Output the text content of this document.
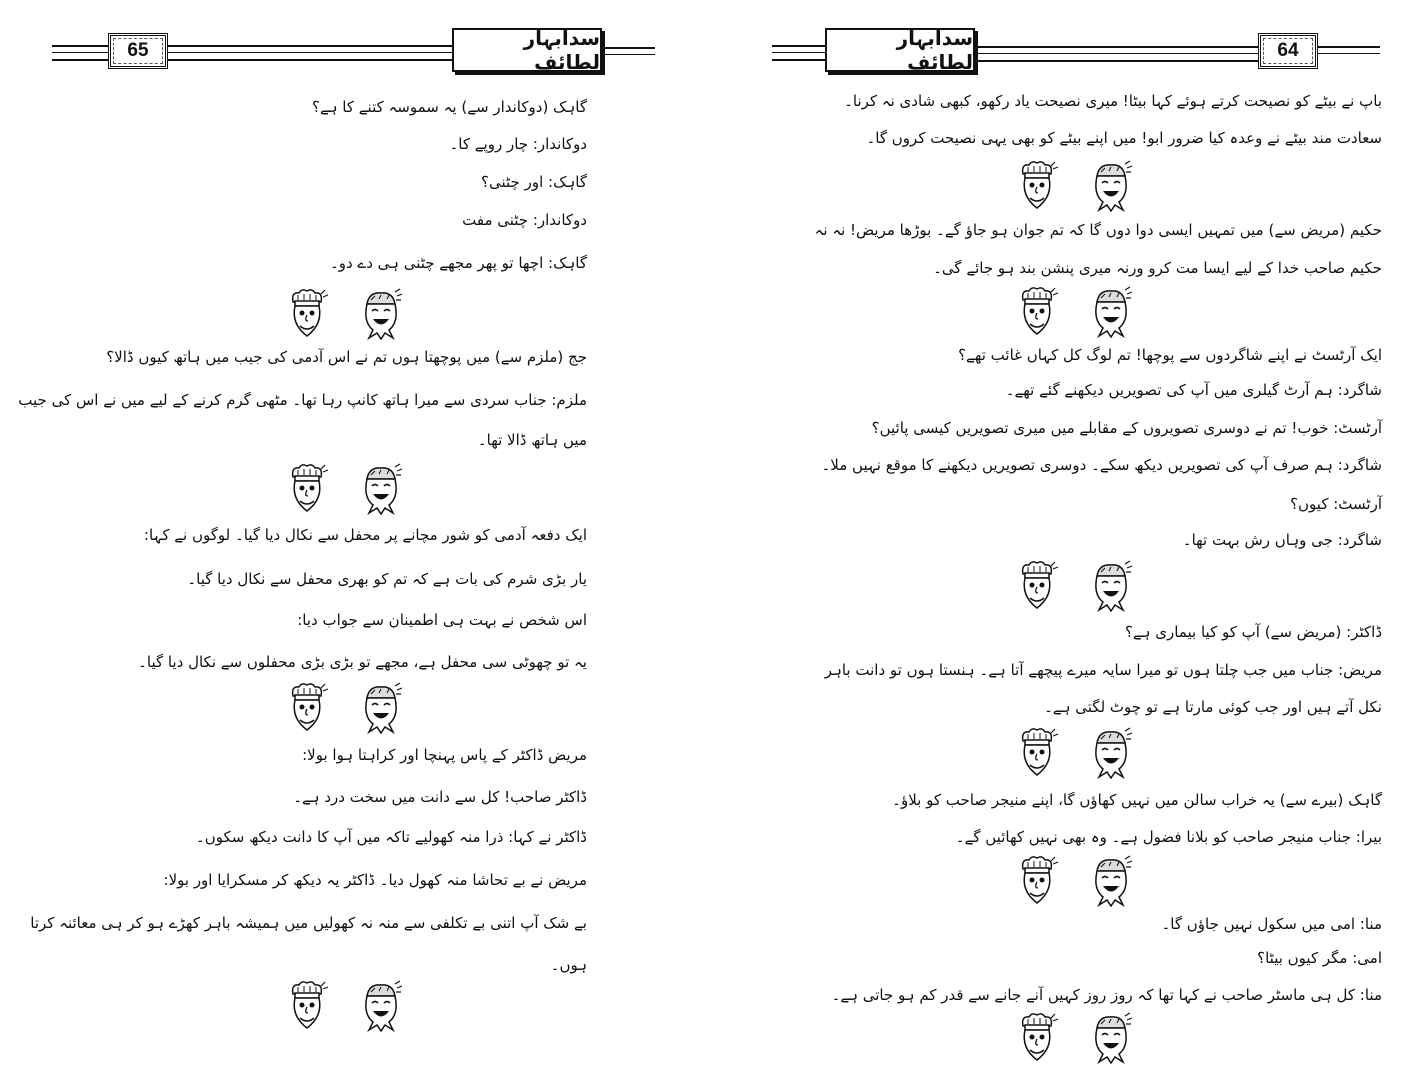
65
سدابہار لطائف
گاہک (دوکاندار سے) یہ سموسہ کتنے کا ہے؟
دوکاندار: چار روپے کا۔
گاہک: اور چٹنی؟
دوکاندار: چٹنی مفت
گاہک: اچھا تو پھر مجھے چٹنی ہی دے دو۔
جج (ملزم سے) میں پوچھتا ہوں تم نے اس آدمی کی جیب میں ہاتھ کیوں ڈالا؟
ملزم: جناب سردی سے میرا ہاتھ کانپ رہا تھا۔ مٹھی گرم کرنے کے لیے میں نے اس کی جیب
میں ہاتھ ڈالا تھا۔
ایک دفعہ آدمی کو شور مچانے پر محفل سے نکال دیا گیا۔ لوگوں نے کہا:
یار بڑی شرم کی بات ہے کہ تم کو بھری محفل سے نکال دیا گیا۔
اس شخص نے بہت ہی اطمینان سے جواب دیا:
یہ تو چھوٹی سی محفل ہے، مجھے تو بڑی بڑی محفلوں سے نکال دیا گیا۔
مریض ڈاکٹر کے پاس پہنچا اور کراہتا ہوا بولا:
ڈاکٹر صاحب! کل سے دانت میں سخت درد ہے۔
ڈاکٹر نے کہا: ذرا منہ کھولیے تاکہ میں آپ کا دانت دیکھ سکوں۔
مریض نے بے تحاشا منہ کھول دیا۔ ڈاکٹر یہ دیکھ کر مسکرایا اور بولا:
بے شک آپ اتنی بے تکلفی سے منہ نہ کھولیں میں ہمیشہ باہر کھڑے ہو کر ہی معائنہ کرتا
ہوں۔
سدابہار لطائف	64
باپ نے بیٹے کو نصیحت کرتے ہوئے کہا بیٹا! میری نصیحت یاد رکھو، کبھی شادی نہ کرنا۔
سعادت مند بیٹے نے وعدہ کیا ضرور ابو! میں اپنے بیٹے کو بھی یہی نصیحت کروں گا۔
حکیم (مریض سے) میں تمہیں ایسی دوا دوں گا کہ تم جوان ہو جاؤ گے۔ بوڑھا مریض! نہ نہ
حکیم صاحب خدا کے لیے ایسا مت کرو ورنہ میری پنشن بند ہو جائے گی۔
ایک آرٹسٹ نے اپنے شاگردوں سے پوچھا! تم لوگ کل کہاں غائب تھے؟
شاگرد: ہم آرٹ گیلری میں آپ کی تصویریں دیکھنے گئے تھے۔
آرٹسٹ: خوب! تم نے دوسری تصویروں کے مقابلے میں میری تصویریں کیسی پائیں؟
شاگرد: ہم صرف آپ کی تصویریں دیکھ سکے۔ دوسری تصویریں دیکھنے کا موقع نہیں ملا۔
آرٹسٹ: کیوں؟
شاگرد: جی وہاں رش بہت تھا۔
ڈاکٹر: (مریض سے) آپ کو کیا بیماری ہے؟
مریض: جناب میں جب چلتا ہوں تو میرا سایہ میرے پیچھے آتا ہے۔ ہنستا ہوں تو دانت باہر
نکل آتے ہیں اور جب کوئی مارتا ہے تو چوٹ لگتی ہے۔
گاہک (بیرے سے) یہ خراب سالن میں نہیں کھاؤں گا، اپنے منیجر صاحب کو بلاؤ۔
بیرا: جناب منیجر صاحب کو بلانا فضول ہے۔ وہ بھی نہیں کھائیں گے۔
منا: امی میں سکول نہیں جاؤں گا۔
امی: مگر کیوں بیٹا؟
منا: کل ہی ماسٹر صاحب نے کہا تھا کہ روز روز کہیں آنے جانے سے قدر کم ہو جاتی ہے۔
